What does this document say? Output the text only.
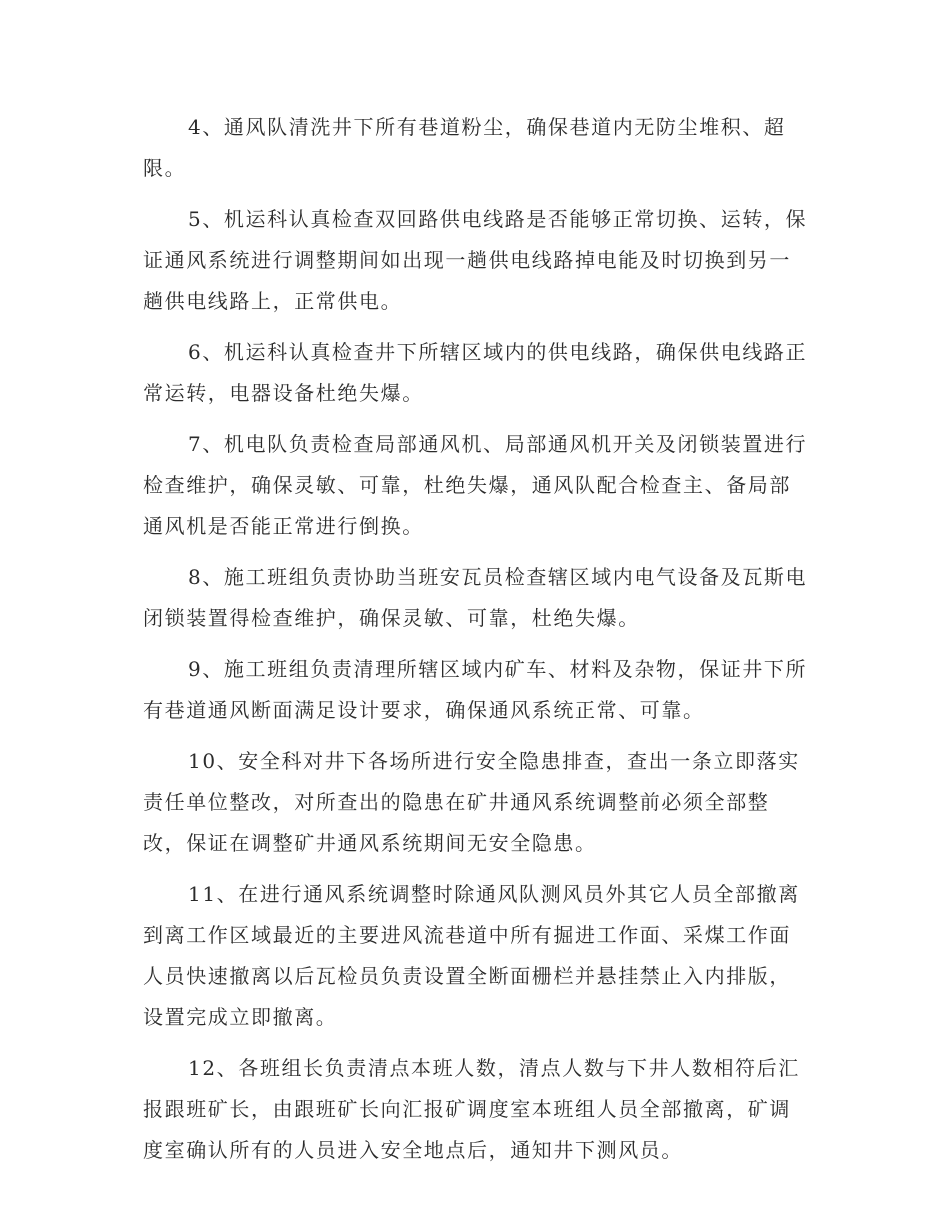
4、通风队清洗井下所有巷道粉尘，确保巷道内无防尘堆积、超
限。
5、机运科认真检查双回路供电线路是否能够正常切换、运转，保
证通风系统进行调整期间如出现一趟供电线路掉电能及时切换到另一
趟供电线路上，正常供电。
6、机运科认真检查井下所辖区域内的供电线路，确保供电线路正
常运转，电器设备杜绝失爆。
7、机电队负责检查局部通风机、局部通风机开关及闭锁装置进行
检查维护，确保灵敏、可靠，杜绝失爆，通风队配合检查主、备局部
通风机是否能正常进行倒换。
8、施工班组负责协助当班安瓦员检查辖区域内电气设备及瓦斯电
闭锁装置得检查维护，确保灵敏、可靠，杜绝失爆。
9、施工班组负责清理所辖区域内矿车、材料及杂物，保证井下所
有巷道通风断面满足设计要求，确保通风系统正常、可靠。
10、安全科对井下各场所进行安全隐患排查，查出一条立即落实
责任单位整改，对所查出的隐患在矿井通风系统调整前必须全部整
改，保证在调整矿井通风系统期间无安全隐患。
11、在进行通风系统调整时除通风队测风员外其它人员全部撤离
到离工作区域最近的主要进风流巷道中所有掘进工作面、采煤工作面
人员快速撤离以后瓦检员负责设置全断面栅栏并悬挂禁止入内排版，
设置完成立即撤离。
12、各班组长负责清点本班人数，清点人数与下井人数相符后汇
报跟班矿长，由跟班矿长向汇报矿调度室本班组人员全部撤离，矿调
度室确认所有的人员进入安全地点后，通知井下测风员。
